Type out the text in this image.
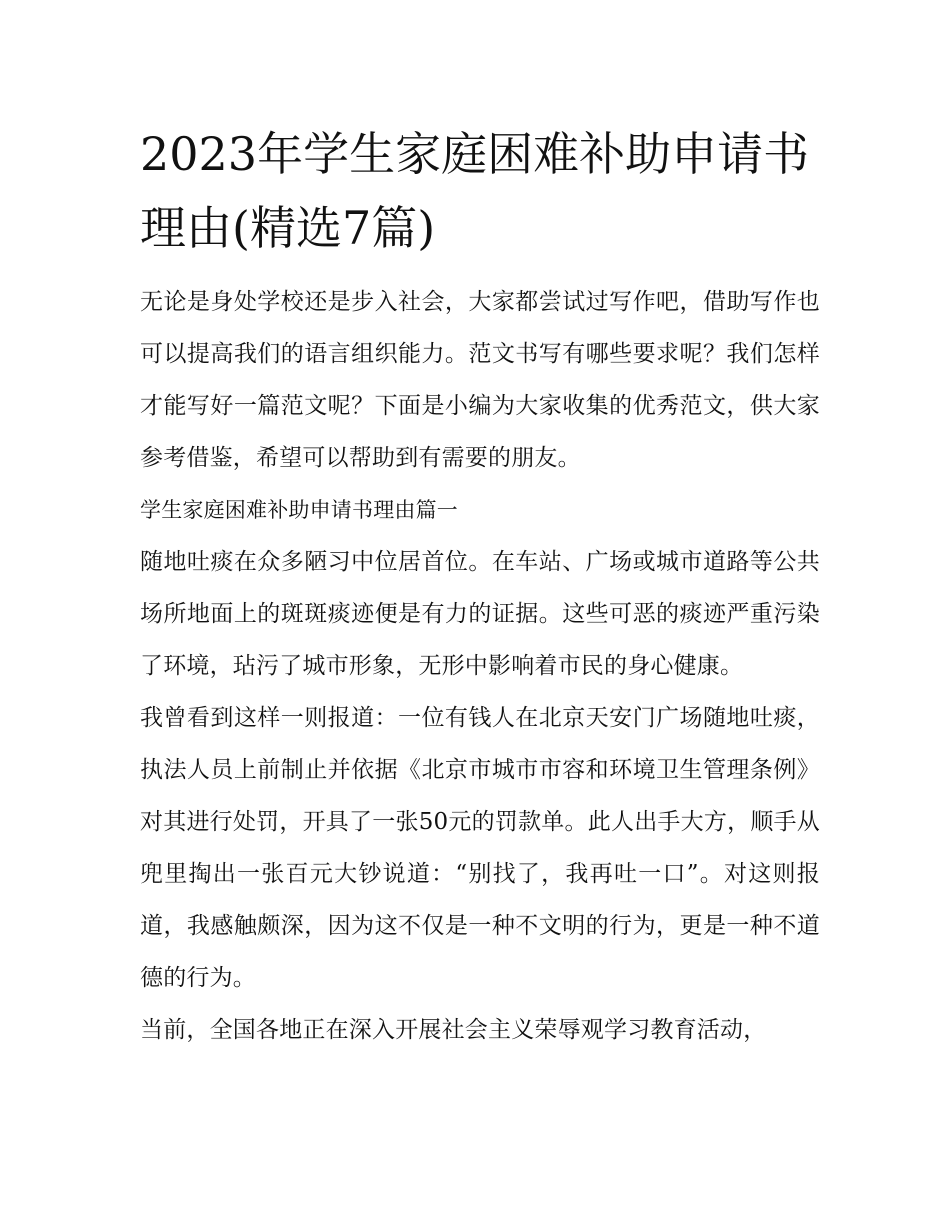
2023年学生家庭困难补助申请书理由(精选7篇)

无论是身处学校还是步入社会，大家都尝试过写作吧，借助写作也可以提高我们的语言组织能力。范文书写有哪些要求呢？我们怎样才能写好一篇范文呢？下面是小编为大家收集的优秀范文，供大家参考借鉴，希望可以帮助到有需要的朋友。

学生家庭困难补助申请书理由篇一

随地吐痰在众多陋习中位居首位。在车站、广场或城市道路等公共场所地面上的斑斑痰迹便是有力的证据。这些可恶的痰迹严重污染了环境，玷污了城市形象，无形中影响着市民的身心健康。

我曾看到这样一则报道：一位有钱人在北京天安门广场随地吐痰，执法人员上前制止并依据《北京市城市市容和环境卫生管理条例》对其进行处罚，开具了一张50元的罚款单。此人出手大方，顺手从兜里掏出一张百元大钞说道：“别找了，我再吐一口”。对这则报道，我感触颇深，因为这不仅是一种不文明的行为，更是一种不道德的行为。

当前，全国各地正在深入开展社会主义荣辱观学习教育活动，
